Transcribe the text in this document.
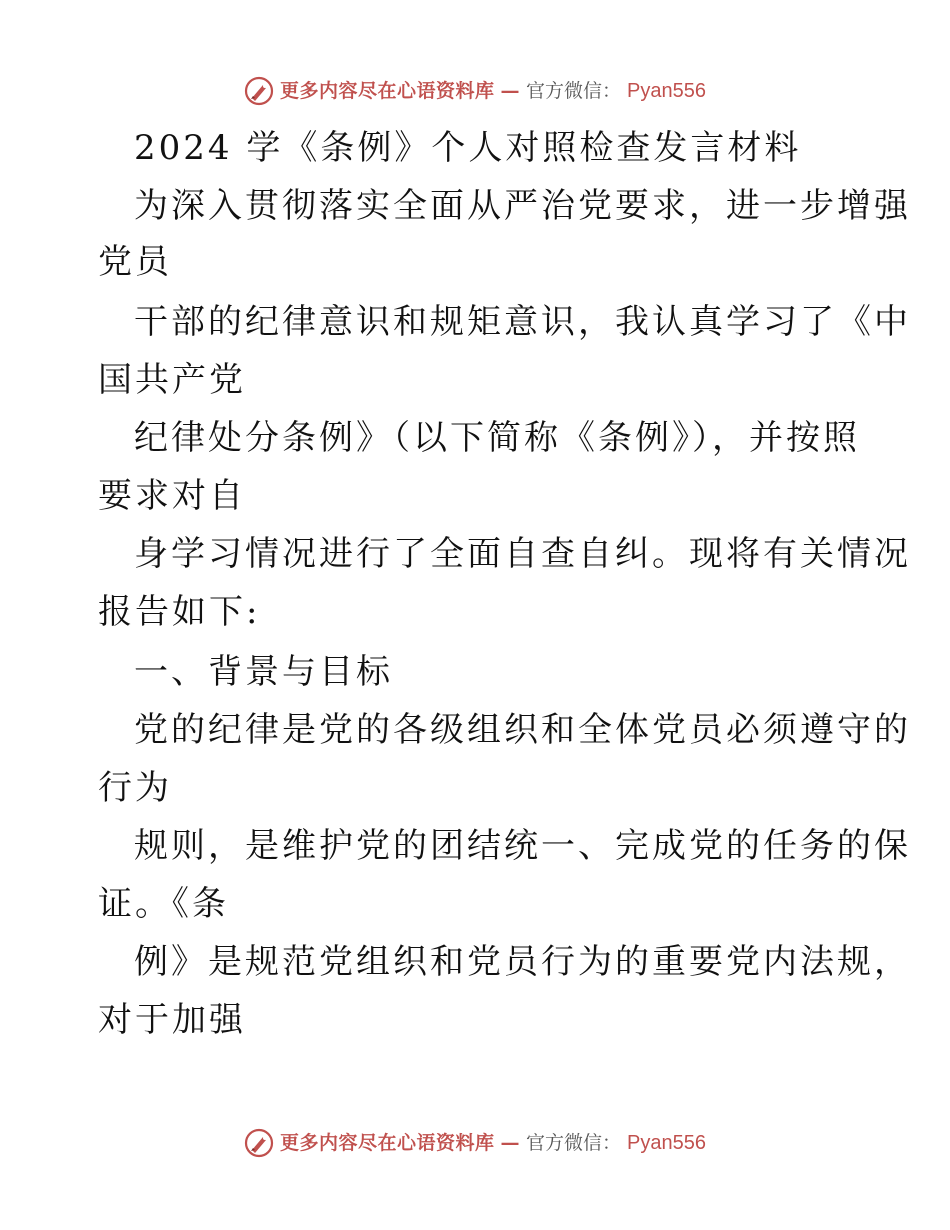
更多内容尽在心语资料库 — 官方微信： Pyan556
2024 学《条例》个人对照检查发言材料
为深入贯彻落实全面从严治党要求，进一步增强
党员
干部的纪律意识和规矩意识，我认真学习了《中
国共产党
纪律处分条例》（以下简称《条例》），并按照
要求对自
身学习情况进行了全面自查自纠。现将有关情况
报告如下:
一、背景与目标
党的纪律是党的各级组织和全体党员必须遵守的
行为
规则，是维护党的团结统一、完成党的任务的保
证。《条
例》是规范党组织和党员行为的重要党内法规，
对于加强
更多内容尽在心语资料库 — 官方微信： Pyan556
